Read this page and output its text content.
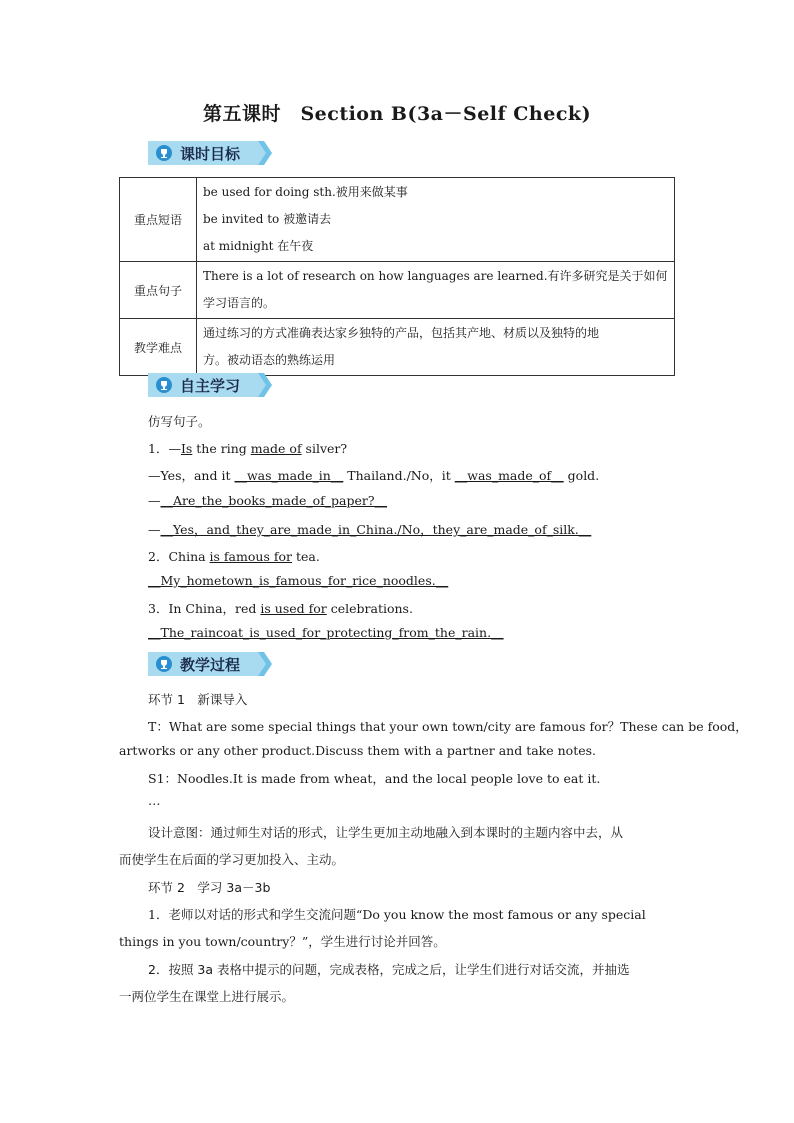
第五课时　Section B(3a－Self Check)
课时目标
重点短语	be used for doing sth.被用来做某事
be invited to 被邀请去
at midnight 在午夜

重点句子	There is a lot of research on how languages are learned.有许多研究是关于如何
学习语言的。

教学难点	通过练习的方式准确表达家乡独特的产品，包括其产地、材质以及独特的地
方。被动语态的熟练运用
自主学习
仿写句子。
1．—Is the ring made of silver?
—Yes，and it __was_made_in__ Thailand./No，it __was_made_of__ gold.
—__Are_the_books_made_of_paper?__
—__Yes，and_they_are_made_in_China./No，they_are_made_of_silk.__
2．China is famous for tea.
__My_hometown_is_famous_for_rice_noodles.__
3．In China，red is used for celebrations.
__The_raincoat_is_used_for_protecting_from_the_rain.__
教学过程
环节 1　新课导入
T：What are some special things that your own town/city are famous for？These can be food，
artworks or any other product.Discuss them with a partner and take notes.
S1：Noodles.It is made from wheat，and the local people love to eat it.
…
设计意图：通过师生对话的形式，让学生更加主动地融入到本课时的主题内容中去，从
而使学生在后面的学习更加投入、主动。
环节 2　学习 3a－3b
1．老师以对话的形式和学生交流问题“Do you know the most famous or any special
things in you town/country？”，学生进行讨论并回答。
2．按照 3a 表格中提示的问题，完成表格，完成之后，让学生们进行对话交流，并抽选
一两位学生在课堂上进行展示。
